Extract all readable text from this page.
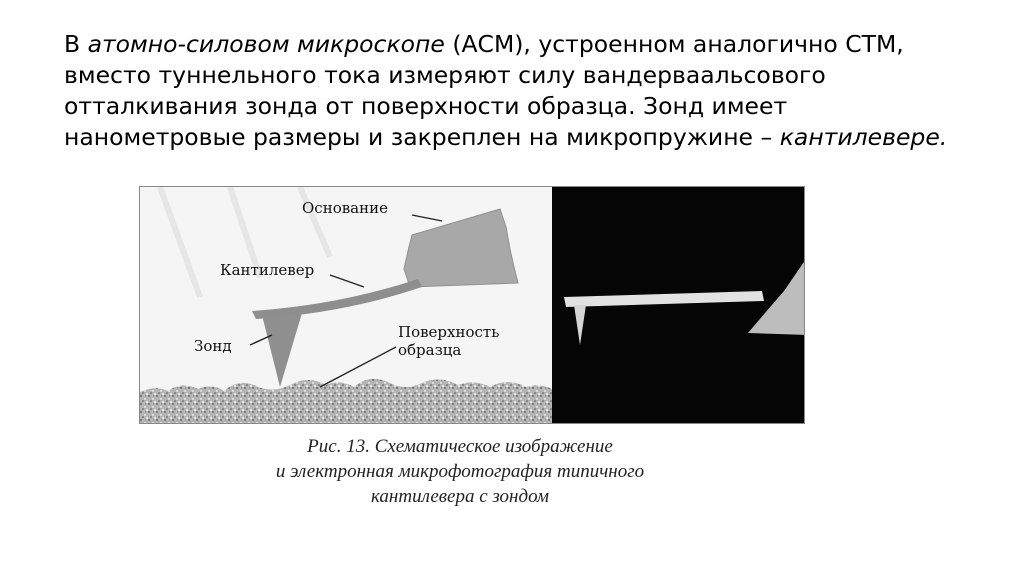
В атомно-силовом микроскопе (АСМ), устроенном аналогично СТМ, вместо туннельного тока измеряют силу вандерваальсового отталкивания зонда от поверхности образца. Зонд имеет нанометровые размеры и закреплен на микропружине – кантилевере.

Основание
Кантилевер
Зонд
Поверхность
образца
Рис. 13. Схематическое изображение
и электронная микрофотография типичного
кантилевера с зондом
